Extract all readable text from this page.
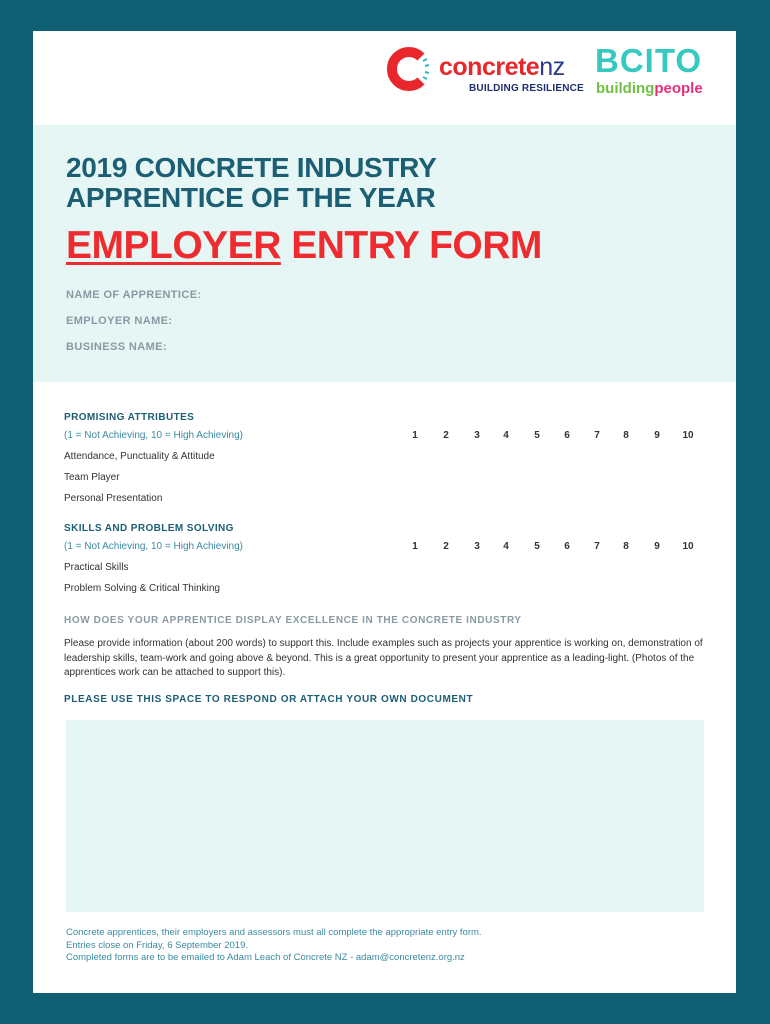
concretenz
BUILDING RESILIENCE
BCITO
buildingpeople
2019 CONCRETE INDUSTRY
APPRENTICE OF THE YEAR
EMPLOYER ENTRY FORM
NAME OF APPRENTICE:
EMPLOYER NAME:
BUSINESS NAME:
PROMISING ATTRIBUTES
(1 = Not Achieving, 10 = High Achieving)	1	2	3	4	5	6	7	8	9	10
Attendance, Punctuality & Attitude
Team Player
Personal Presentation
SKILLS AND PROBLEM SOLVING
(1 = Not Achieving, 10 = High Achieving)	1	2	3	4	5	6	7	8	9	10
Practical Skills
Problem Solving & Critical Thinking
HOW DOES YOUR APPRENTICE DISPLAY EXCELLENCE IN THE CONCRETE INDUSTRY
Please provide information (about 200 words) to support this. Include examples such as projects your apprentice is working on, demonstration of leadership skills, team-work and going above & beyond. This is a great opportunity to present your apprentice as a leading-light. (Photos of the apprentices work can be attached to support this).
PLEASE USE THIS SPACE TO RESPOND OR ATTACH YOUR OWN DOCUMENT
Concrete apprentices, their employers and assessors must all complete the appropriate entry form.
Entries close on Friday, 6 September 2019.
Completed forms are to be emailed to Adam Leach of Concrete NZ - adam@concretenz.org.nz
